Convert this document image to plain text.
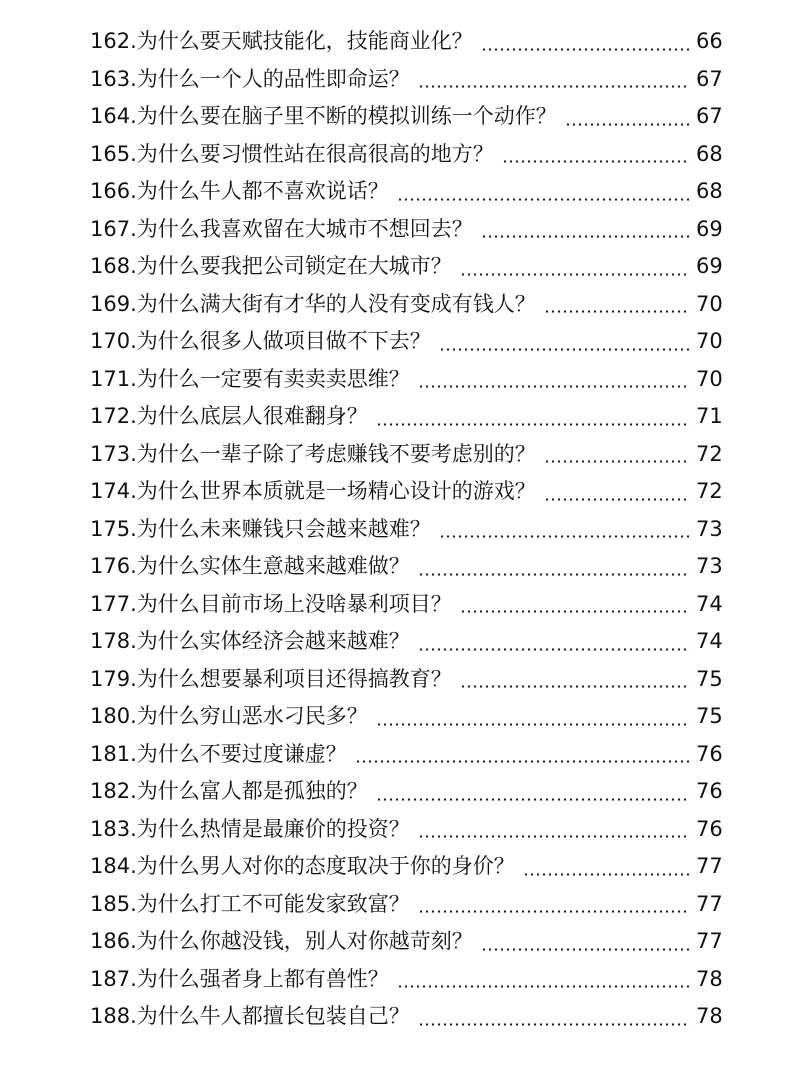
162.为什么要天赋技能化，技能商业化？	66
163.为什么一个人的品性即命运？	67
164.为什么要在脑子里不断的模拟训练一个动作？	67
165.为什么要习惯性站在很高很高的地方？	68
166.为什么牛人都不喜欢说话？	68
167.为什么我喜欢留在大城市不想回去？	69
168.为什么要我把公司锁定在大城市？	69
169.为什么满大街有才华的人没有变成有钱人？	70
170.为什么很多人做项目做不下去？	70
171.为什么一定要有卖卖卖思维？	70
172.为什么底层人很难翻身？	71
173.为什么一辈子除了考虑赚钱不要考虑别的？	72
174.为什么世界本质就是一场精心设计的游戏？	72
175.为什么未来赚钱只会越来越难？	73
176.为什么实体生意越来越难做？	73
177.为什么目前市场上没啥暴利项目？	74
178.为什么实体经济会越来越难？	74
179.为什么想要暴利项目还得搞教育？	75
180.为什么穷山恶水刁民多？	75
181.为什么不要过度谦虚？	76
182.为什么富人都是孤独的？	76
183.为什么热情是最廉价的投资？	76
184.为什么男人对你的态度取决于你的身价？	77
185.为什么打工不可能发家致富？	77
186.为什么你越没钱，别人对你越苛刻？	77
187.为什么强者身上都有兽性？	78
188.为什么牛人都擅长包装自己？	78
